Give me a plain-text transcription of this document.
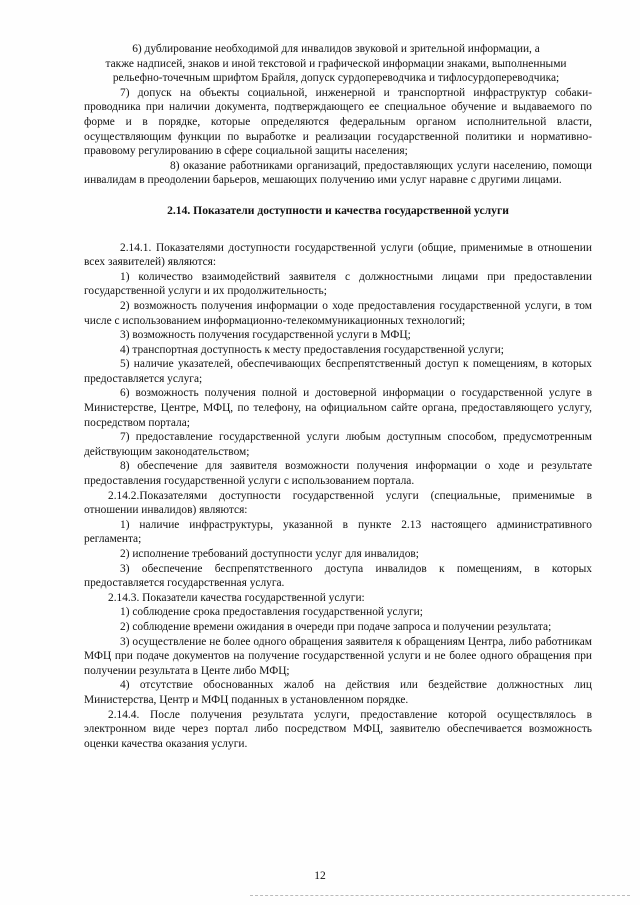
6) дублирование необходимой для инвалидов звуковой и зрительной информации, а

также надписей, знаков и иной текстовой и графической информации знаками, выполненными

рельефно-точечным шрифтом Брайля, допуск сурдопереводчика и тифлосурдопереводчика;

7) допуск на объекты социальной, инженерной и транспортной инфраструктур собаки-проводника при наличии документа, подтверждающего ее специальное обучение и выдаваемого по форме и в порядке, которые определяются федеральным органом исполнительной власти, осуществляющим функции по выработке и реализации государственной политики и нормативно-правовому регулированию в сфере социальной защиты населения;

8) оказание работниками организаций, предоставляющих услуги населению, помощи инвалидам в преодолении барьеров, мешающих получению ими услуг наравне с другими лицами.

2.14. Показатели доступности и качества государственной услуги

2.14.1. Показателями доступности государственной услуги (общие, применимые в отношении всех заявителей) являются:

1) количество взаимодействий заявителя с должностными лицами при предоставлении государственной услуги и их продолжительность;

2) возможность получения информации о ходе предоставления государственной услуги, в том числе с использованием информационно-телекоммуникационных технологий;

3) возможность получения государственной услуги в МФЦ;

4) транспортная доступность к месту предоставления государственной услуги;

5) наличие указателей, обеспечивающих беспрепятственный доступ к помещениям, в которых предоставляется услуга;

6) возможность получения полной и достоверной информации о государственной услуге в Министерстве, Центре, МФЦ, по телефону, на официальном сайте органа, предоставляющего услугу, посредством портала;

7) предоставление государственной услуги любым доступным способом, предусмотренным действующим законодательством;

8) обеспечение для заявителя возможности получения информации о ходе и результате предоставления государственной услуги с использованием портала.

2.14.2.Показателями доступности государственной услуги (специальные, применимые в отношении инвалидов) являются:

1) наличие инфраструктуры, указанной в пункте 2.13 настоящего административного регламента;

2) исполнение требований доступности услуг для инвалидов;

3) обеспечение беспрепятственного доступа инвалидов к помещениям, в которых предоставляется государственная услуга.

2.14.3. Показатели качества государственной услуги:

1) соблюдение срока предоставления государственной услуги;

2) соблюдение времени ожидания в очереди при подаче запроса и получении результата;

3) осуществление не более одного обращения заявителя к обращениям Центра, либо работникам МФЦ при подаче документов на получение государственной услуги и не более одного обращения при получении результата в Центе либо МФЦ;

4) отсутствие обоснованных жалоб на действия или бездействие должностных лиц Министерства, Центр и МФЦ поданных в установленном порядке.

2.14.4. После получения результата услуги, предоставление которой осуществлялось в электронном виде через портал либо посредством МФЦ, заявителю обеспечивается возможность оценки качества оказания услуги.

12
